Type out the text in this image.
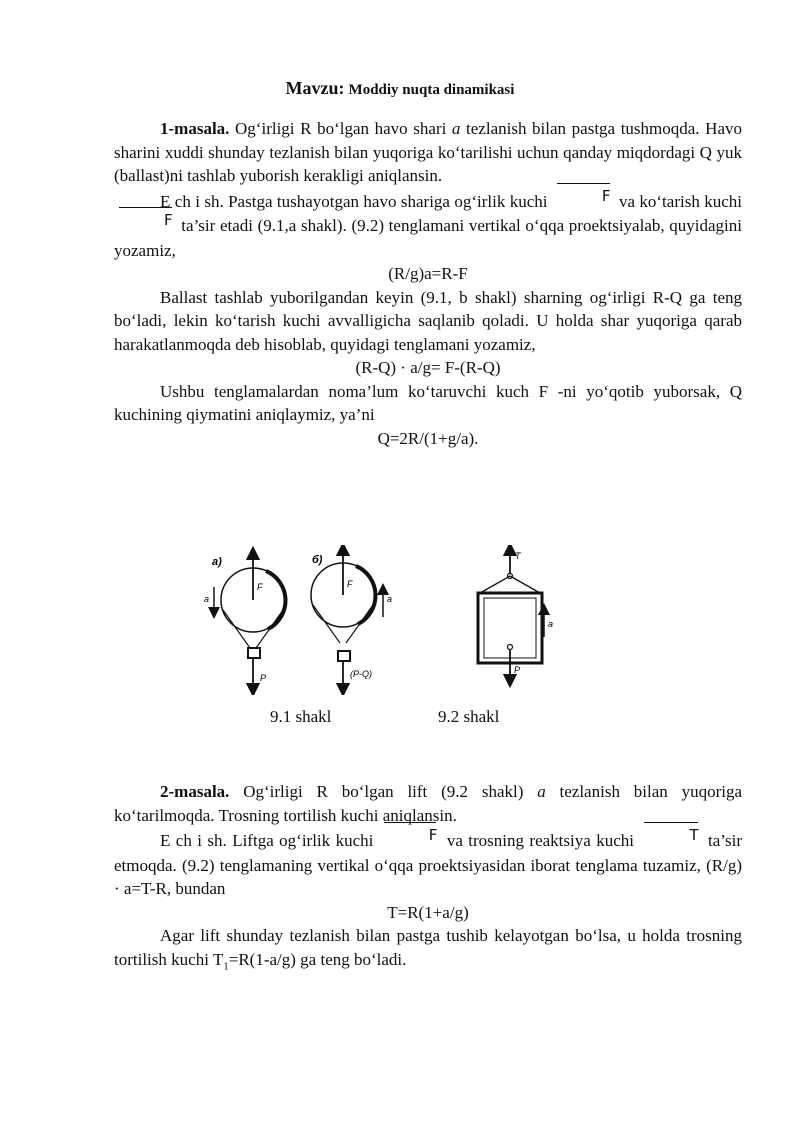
Mavzu: Moddiy nuqta dinamikasi

1-masala. Og‘irligi R bo‘lgan havo shari a tezlanish bilan pastga tushmoqda. Havo sharini xuddi shunday tezlanish bilan yuqoriga ko‘tarilishi uchun qanday miqdordagi Q yuk (ballast)ni tashlab yuborish kerakligi aniqlansin.

E ch i sh. Pastga tushayotgan havo shariga og‘irlik kuchi	F va ko‘tarish kuchi F ta’sir etadi (9.1,a shakl). (9.2) tenglamani vertikal o‘qqa proektsiyalab, quyidagini yozamiz,

(R/g)a=R-F

Ballast tashlab yuborilgandan keyin (9.1, b shakl) sharning og‘irligi R-Q ga teng bo‘ladi, lekin ko‘tarish kuchi avvalligicha saqlanib qoladi. U holda shar yuqoriga qarab harakatlanmoqda deb hisoblab, quyidagi tenglamani yozamiz,

(R-Q) · a/g= F-(R-Q)

Ushbu tenglamalardan noma’lum ko‘taruvchi kuch F -ni yo‘qotib yuborsak, Q kuchining qiymatini aniqlaymiz, ya’ni

Q=2R/(1+g/a).

a)
a
F
P
б)
a
F
(P-Q)
T
P
a
9.1 shakl	9.2 shakl

2-masala. Og‘irligi R bo‘lgan lift (9.2 shakl) a tezlanish bilan yuqoriga ko‘tarilmoqda. Trosning tortilish kuchi aniqlansin.

E ch i sh. Liftga og‘irlik kuchi	F va trosning reaktsiya kuchi	T ta’sir etmoqda. (9.2) tenglamaning vertikal o‘qqa proektsiyasidan iborat tenglama tuzamiz, (R/g) · a=T-R, bundan

T=R(1+a/g)

Agar lift shunday tezlanish bilan pastga tushib kelayotgan bo‘lsa, u holda trosning tortilish kuchi $T_1=R(1-a/g)$ ga teng bo‘ladi.
